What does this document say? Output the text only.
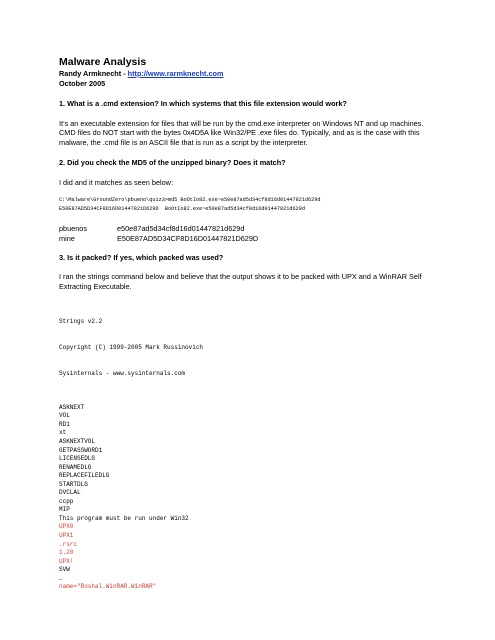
Malware Analysis
Randy Armknecht - http://www.rarmknecht.com
October 2005
1. What is a .cmd extension? In which systems that this file extension would work?
It’s an executable extension for files that will be run by the cmd.exe interpreter on Windows NT and up machines. CMD files do NOT start with the bytes 0x4D5A like Win32/PE .exe files do. Typically, and as is the case with this malware, the .cmd file is an ASCII file that is run as a script by the interpreter.
2. Did you check the MD5 of the unzipped binary? Does it match?
I did and it matches as seen below:
C:\Malware\GroundZero\pbueno\quiz3>md5 BoOtIo82.exe~e50e87ad5d34cf8d16d01447821d629d
E50E87AD5D34CF8D16D01447821D629D  BoOtIo82.exe~e50e87ad5d34cf8d16d01447821d629d
pbuenos	e50e87ad5d34cf8d16d01447821d629d
mine	E50E87AD5D34CF8D16D01447821D629D
3. Is it packed? If yes, which packed was used?
I ran the strings command below and believe that the output shows it to be packed with UPX and a WinRAR Self Extracting Executable.

Strings v2.2

Copyright (C) 1999-2005 Mark Russinovich

Sysinternals - www.sysinternals.com

ASKNEXT
VOL
RD1
xt
ASKNEXTVOL
GETPASSWORD1
LICENSEDLG
RENAMEDLG
REPLACEFILEDLG
STARTDLG
DVCLAL
ccpp
MIP
This program must be run under Win32
UPX0
UPX1
.rsrc
1.20
UPX!
SVW
…
name="Roshal.WinRAR.WinRAR"
